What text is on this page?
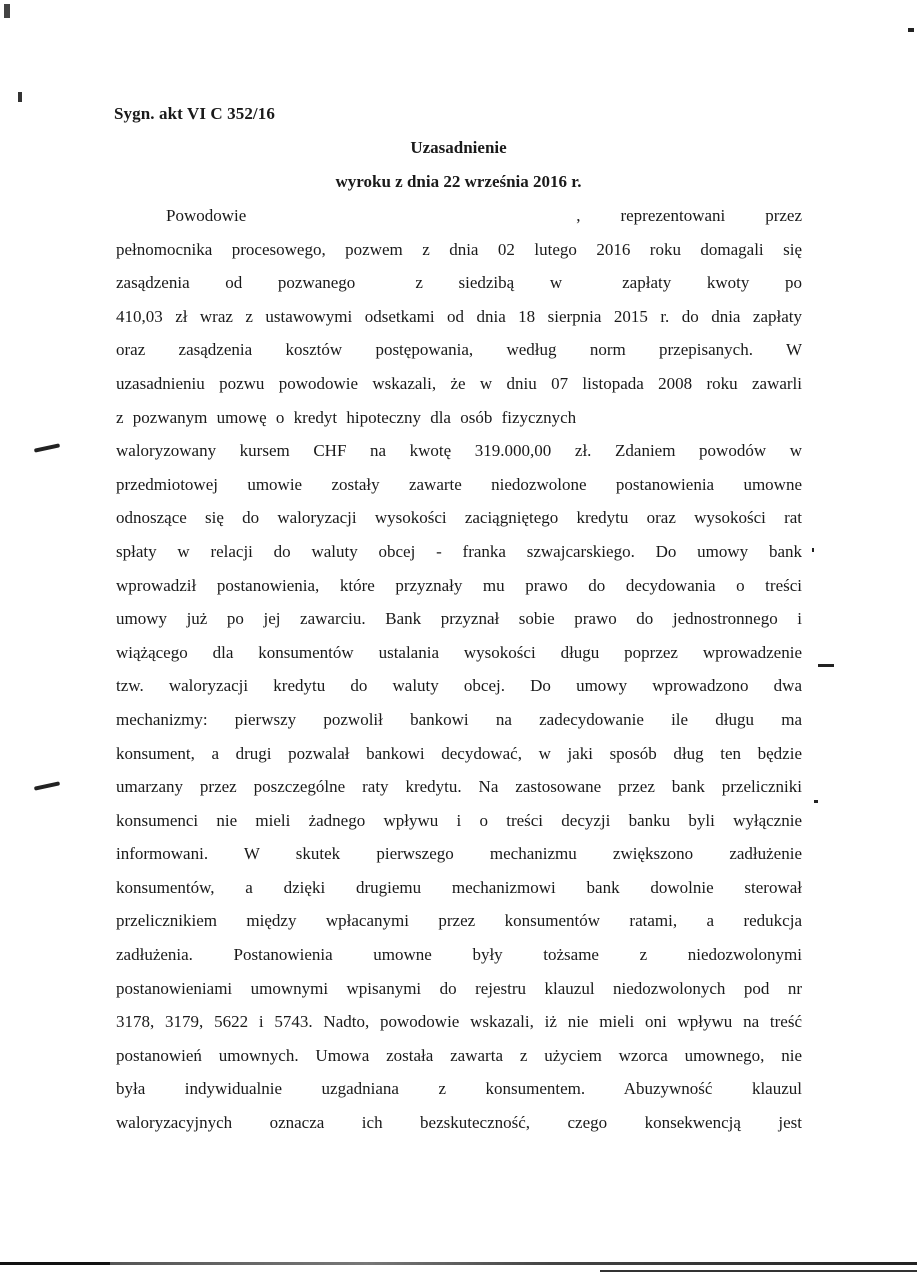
Sygn. akt VI C 352/16
Uzasadnienie
wyroku z dnia 22 września 2016 r.
Powodowie	, reprezentowani przez
pełnomocnika procesowego, pozwem z dnia 02 lutego 2016 roku domagali się
zasądzenia od pozwanego	z siedzibą w	zapłaty kwoty po
410,03 zł wraz z ustawowymi odsetkami od dnia 18 sierpnia 2015 r. do dnia zapłaty
oraz zasądzenia kosztów postępowania, według norm przepisanych. W
uzasadnieniu pozwu powodowie wskazali, że w dniu 07 listopada 2008 roku zawarli
z pozwanym umowę o kredyt hipoteczny dla osób fizycznych
waloryzowany kursem CHF na kwotę 319.000,00 zł. Zdaniem powodów w
przedmiotowej umowie zostały zawarte niedozwolone postanowienia umowne
odnoszące się do waloryzacji wysokości zaciągniętego kredytu oraz wysokości rat
spłaty w relacji do waluty obcej - franka szwajcarskiego. Do umowy bank
wprowadził postanowienia, które przyznały mu prawo do decydowania o treści
umowy już po jej zawarciu. Bank przyznał sobie prawo do jednostronnego i
wiążącego dla konsumentów ustalania wysokości długu poprzez wprowadzenie
tzw. waloryzacji kredytu do waluty obcej. Do umowy wprowadzono dwa
mechanizmy: pierwszy pozwolił bankowi na zadecydowanie ile długu ma
konsument, a drugi pozwalał bankowi decydować, w jaki sposób dług ten będzie
umarzany przez poszczególne raty kredytu. Na zastosowane przez bank przeliczniki
konsumenci nie mieli żadnego wpływu i o treści decyzji banku byli wyłącznie
informowani. W skutek pierwszego mechanizmu zwiększono zadłużenie
konsumentów, a dzięki drugiemu mechanizmowi bank dowolnie sterował
przelicznikiem między wpłacanymi przez konsumentów ratami, a redukcja
zadłużenia. Postanowienia umowne były tożsame z niedozwolonymi
postanowieniami umownymi wpisanymi do rejestru klauzul niedozwolonych pod nr
3178, 3179, 5622 i 5743. Nadto, powodowie wskazali, iż nie mieli oni wpływu na treść
postanowień umownych. Umowa została zawarta z użyciem wzorca umownego, nie
była indywidualnie uzgadniana z konsumentem. Abuzywność klauzul
waloryzacyjnych oznacza ich bezskuteczność, czego konsekwencją jest
